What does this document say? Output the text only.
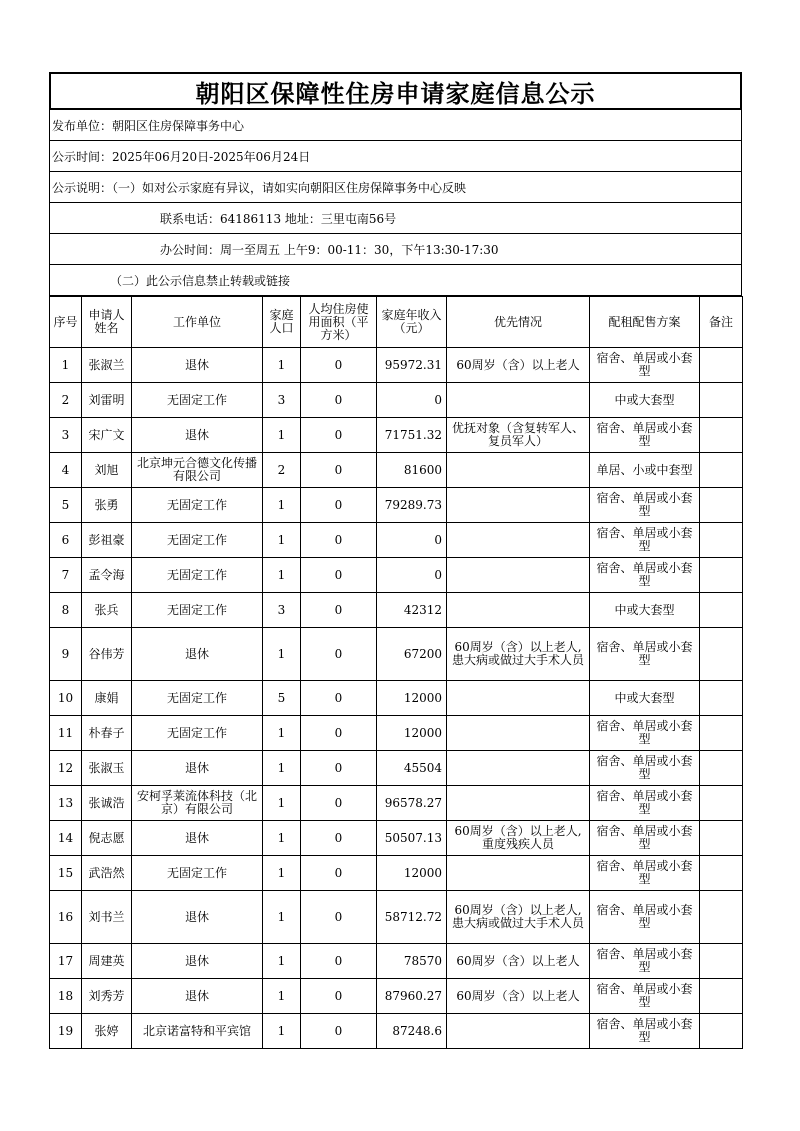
朝阳区保障性住房申请家庭信息公示
发布单位：朝阳区住房保障事务中心
公示时间：2025年06月20日-2025年06月24日
公示说明：（一）如对公示家庭有异议，请如实向朝阳区住房保障事务中心反映
联系电话：64186113 地址：三里屯南56号
办公时间：周一至周五 上午9：00-11：30，下午13:30-17:30
（二）此公示信息禁止转载或链接
序号	申请人姓名	工作单位	家庭人口	人均住房使用面积（平方米）	家庭年收入（元）	优先情况	配租配售方案	备注
1	张淑兰	退休	1	0	95972.31	60周岁（含）以上老人	宿舍、单居或小套型	
2	刘雷明	无固定工作	3	0	0		中或大套型	
3	宋广文	退休	1	0	71751.32	优抚对象（含复转军人、复员军人）	宿舍、单居或小套型	
4	刘旭	北京坤元合德文化传播有限公司	2	0	81600		单居、小或中套型	
5	张勇	无固定工作	1	0	79289.73		宿舍、单居或小套型	
6	彭祖豪	无固定工作	1	0	0		宿舍、单居或小套型	
7	孟令海	无固定工作	1	0	0		宿舍、单居或小套型	
8	张兵	无固定工作	3	0	42312		中或大套型	
9	谷伟芳	退休	1	0	67200	60周岁（含）以上老人,患大病或做过大手术人员	宿舍、单居或小套型	
10	康娟	无固定工作	5	0	12000		中或大套型	
11	朴春子	无固定工作	1	0	12000		宿舍、单居或小套型	
12	张淑玉	退休	1	0	45504		宿舍、单居或小套型	
13	张诚浩	安柯孚莱流体科技（北京）有限公司	1	0	96578.27		宿舍、单居或小套型	
14	倪志愿	退休	1	0	50507.13	60周岁（含）以上老人,重度残疾人员	宿舍、单居或小套型	
15	武浩然	无固定工作	1	0	12000		宿舍、单居或小套型	
16	刘书兰	退休	1	0	58712.72	60周岁（含）以上老人,患大病或做过大手术人员	宿舍、单居或小套型	
17	周建英	退休	1	0	78570	60周岁（含）以上老人	宿舍、单居或小套型	
18	刘秀芳	退休	1	0	87960.27	60周岁（含）以上老人	宿舍、单居或小套型	
19	张婷	北京诺富特和平宾馆	1	0	87248.6		宿舍、单居或小套型	
